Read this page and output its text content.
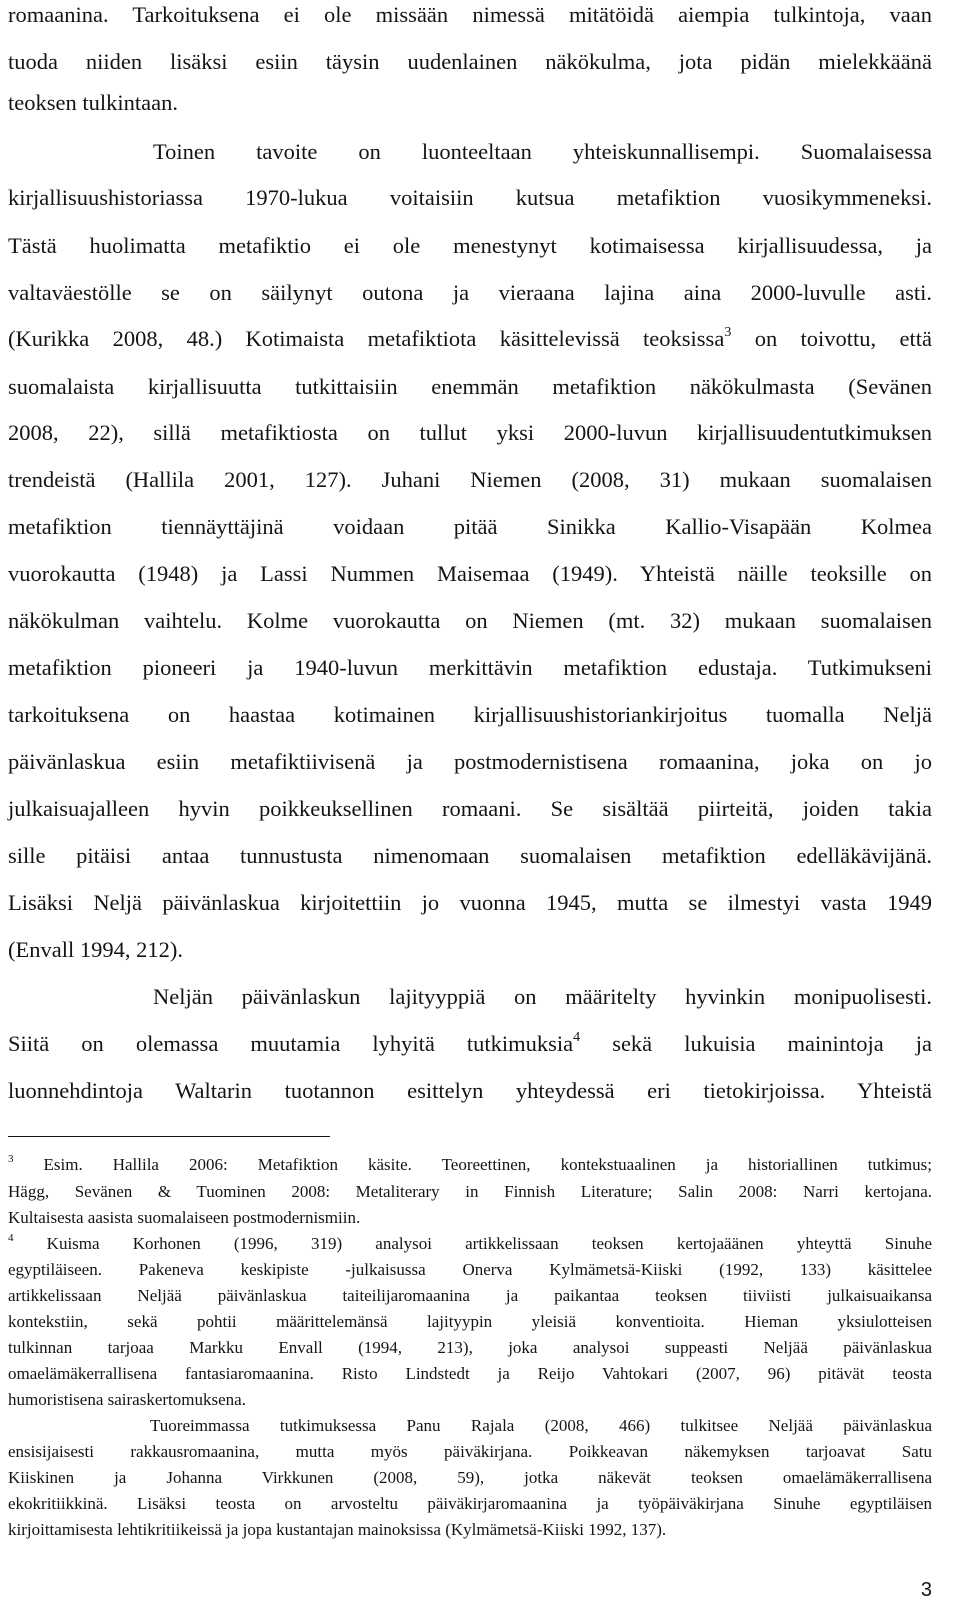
romaanina. Tarkoituksena ei ole missään nimessä mitätöidä aiempia tulkintoja, vaan
tuoda niiden lisäksi esiin täysin uudenlainen näkökulma, jota pidän mielekkäänä
teoksen tulkintaan.
Toinen tavoite on luonteeltaan yhteiskunnallisempi. Suomalaisessa
kirjallisuushistoriassa 1970-lukua voitaisiin kutsua metafiktion vuosikymmeneksi.
Tästä huolimatta metafiktio ei ole menestynyt kotimaisessa kirjallisuudessa, ja
valtaväestölle se on säilynyt outona ja vieraana lajina aina 2000-luvulle asti.
(Kurikka 2008, 48.) Kotimaista metafiktiota käsittelevissä teoksissa$^3$ on toivottu, että
suomalaista kirjallisuutta tutkittaisiin enemmän metafiktion näkökulmasta (Sevänen
2008, 22), sillä metafiktiosta on tullut yksi 2000-luvun kirjallisuudentutkimuksen
trendeistä (Hallila 2001, 127). Juhani Niemen (2008, 31) mukaan suomalaisen
metafiktion tiennäyttäjinä voidaan pitää Sinikka Kallio-Visapään Kolmea
vuorokautta (1948) ja Lassi Nummen Maisemaa (1949). Yhteistä näille teoksille on
näkökulman vaihtelu. Kolme vuorokautta on Niemen (mt. 32) mukaan suomalaisen
metafiktion pioneeri ja 1940-luvun merkittävin metafiktion edustaja. Tutkimukseni
tarkoituksena on haastaa kotimainen kirjallisuushistoriankirjoitus tuomalla Neljä
päivänlaskua esiin metafiktiivisenä ja postmodernistisena romaanina, joka on jo
julkaisuajalleen hyvin poikkeuksellinen romaani. Se sisältää piirteitä, joiden takia
sille pitäisi antaa tunnustusta nimenomaan suomalaisen metafiktion edelläkävijänä.
Lisäksi Neljä päivänlaskua kirjoitettiin jo vuonna 1945, mutta se ilmestyi vasta 1949
(Envall 1994, 212).
Neljän päivänlaskun lajityyppiä on määritelty hyvinkin monipuolisesti.
Siitä on olemassa muutamia lyhyitä tutkimuksia$^4$ sekä lukuisia mainintoja ja
luonnehdintoja Waltarin tuotannon esittelyn yhteydessä eri tietokirjoissa. Yhteistä
$^3$ Esim. Hallila 2006: Metafiktion käsite. Teoreettinen, kontekstuaalinen ja historiallinen tutkimus;
Hägg, Sevänen & Tuominen 2008: Metaliterary in Finnish Literature; Salin 2008: Narri kertojana.
Kultaisesta aasista suomalaiseen postmodernismiin.
$^4$ Kuisma Korhonen (1996, 319) analysoi artikkelissaan teoksen kertojaäänen yhteyttä Sinuhe
egyptiläiseen. Pakeneva keskipiste -julkaisussa Onerva Kylmämetsä-Kiiski (1992, 133) käsittelee
artikkelissaan Neljää päivänlaskua taiteilijaromaanina ja paikantaa teoksen tiiviisti julkaisuaikansa
kontekstiin, sekä pohtii määrittelemänsä lajityypin yleisiä konventioita. Hieman yksiulotteisen
tulkinnan tarjoaa Markku Envall (1994, 213), joka analysoi suppeasti Neljää päivänlaskua
omaelämäkerrallisena fantasiaromaanina. Risto Lindstedt ja Reijo Vahtokari (2007, 96) pitävät teosta
humoristisena sairaskertomuksena.
Tuoreimmassa tutkimuksessa Panu Rajala (2008, 466) tulkitsee Neljää päivänlaskua
ensisijaisesti rakkausromaanina, mutta myös päiväkirjana. Poikkeavan näkemyksen tarjoavat Satu
Kiiskinen ja Johanna Virkkunen (2008, 59), jotka näkevät teoksen omaelämäkerrallisena
ekokritiikkinä. Lisäksi teosta on arvosteltu päiväkirjaromaanina ja työpäiväkirjana Sinuhe egyptiläisen
kirjoittamisesta lehtikritiikeissä ja jopa kustantajan mainoksissa (Kylmämetsä-Kiiski 1992, 137).
3
